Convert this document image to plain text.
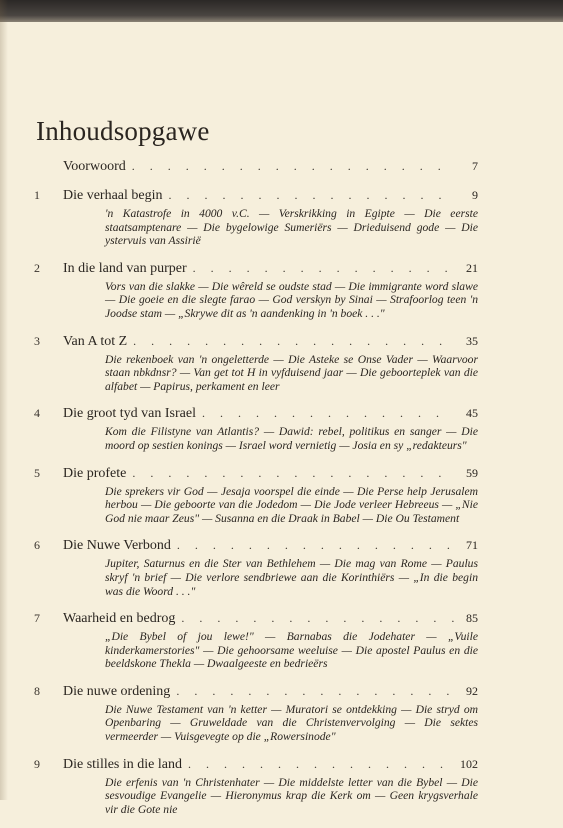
Inhoudsopgawe
Voorwoord . . .	7
1	Die verhaal begin . . .	9
'n Katastrofe in 4000 v.C. — Verskrikking in Egipte — Die eerste staatsamptenare — Die bygelowige Sumeriërs — Drieduisend gode — Die ystervuis van Assirië
2	In die land van purper . . .	21
Vors van die slakke — Die wêreld se oudste stad — Die immigrante word slawe — Die goeie en die slegte farao — God verskyn by Sinai — Strafoorlog teen 'n Joodse stam — „Skrywe dit as 'n aandenking in 'n boek . . ."
3	Van A tot Z . . .	35
Die rekenboek van 'n ongeletterde — Die Asteke se Onse Vader — Waarvoor staan nbkdnsr? — Van get tot H in vyfduisend jaar — Die geboorteplek van die alfabet — Papirus, perkament en leer
4	Die groot tyd van Israel . . .	45
Kom die Filistyne van Atlantis? — Dawid: rebel, politikus en sanger — Die moord op sestien konings — Israel word vernietig — Josia en sy „redakteurs"
5	Die profete . . .	59
Die sprekers vir God — Jesaja voorspel die einde — Die Perse help Jerusalem herbou — Die geboorte van die Jodedom — Die Jode verleer Hebreeus — „Nie God nie maar Zeus" — Susanna en die Draak in Babel — Die Ou Testament
6	Die Nuwe Verbond . . .	71
Jupiter, Saturnus en die Ster van Bethlehem — Die mag van Rome — Paulus skryf 'n brief — Die verlore sendbriewe aan die Korinthiërs — „In die begin was die Woord . . ."
7	Waarheid en bedrog . . .	85
„Die Bybel of jou lewe!" — Barnabas die Jodehater — „Vuile kinderkamerstories" — Die gehoorsame weeluise — Die apostel Paulus en die beeldskone Thekla — Dwaalgeeste en bedrieërs
8	Die nuwe ordening . . .	92
Die Nuwe Testament van 'n ketter — Muratori se ontdekking — Die stryd om Openbaring — Gruweldade van die Christenvervolging — Die sektes vermeerder — Vuisgevegte op die „Rowersinode"
9	Die stilles in die land . . .	102
Die erfenis van 'n Christenhater — Die middelste letter van die Bybel — Die sesvoudige Evangelie — Hieronymus krap die Kerk om — Geen krygsverhale vir die Gote nie
